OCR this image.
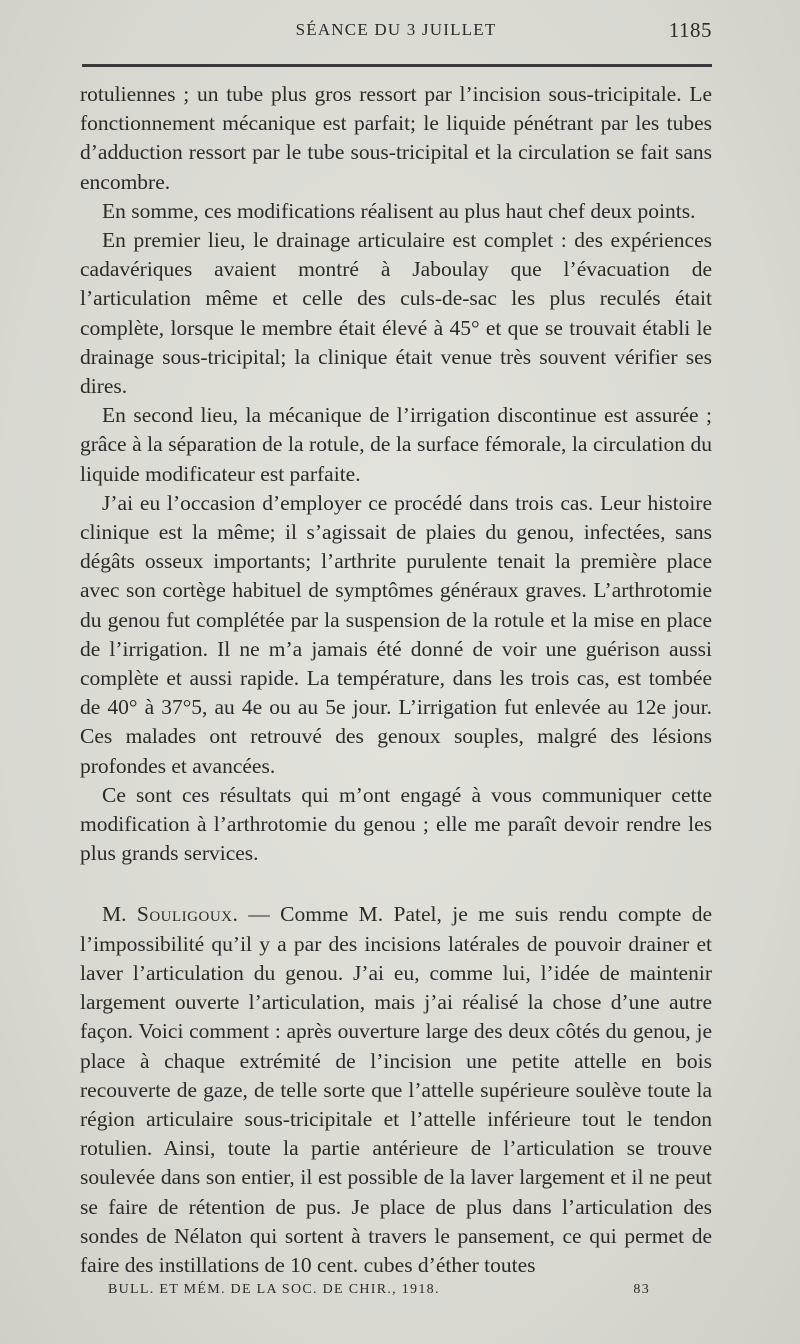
SÉANCE DU 3 JUILLET	1185

rotuliennes ; un tube plus gros ressort par l’incision sous-tricipitale. Le fonctionnement mécanique est parfait; le liquide pénétrant par les tubes d’adduction ressort par le tube sous-tricipital et la circulation se fait sans encombre.

En somme, ces modifications réalisent au plus haut chef deux points.

En premier lieu, le drainage articulaire est complet : des expériences cadavériques avaient montré à Jaboulay que l’évacuation de l’articulation même et celle des culs-de-sac les plus reculés était complète, lorsque le membre était élevé à 45° et que se trouvait établi le drainage sous-tricipital; la clinique était venue très souvent vérifier ses dires.

En second lieu, la mécanique de l’irrigation discontinue est assurée ; grâce à la séparation de la rotule, de la surface fémorale, la circulation du liquide modificateur est parfaite.

J’ai eu l’occasion d’employer ce procédé dans trois cas. Leur histoire clinique est la même; il s’agissait de plaies du genou, infectées, sans dégâts osseux importants; l’arthrite purulente tenait la première place avec son cortège habituel de symptômes généraux graves. L’arthrotomie du genou fut complétée par la suspension de la rotule et la mise en place de l’irrigation. Il ne m’a jamais été donné de voir une guérison aussi complète et aussi rapide. La température, dans les trois cas, est tombée de 40° à 37°5, au 4e ou au 5e jour. L’irrigation fut enlevée au 12e jour. Ces malades ont retrouvé des genoux souples, malgré des lésions profondes et avancées.

Ce sont ces résultats qui m’ont engagé à vous communiquer cette modification à l’arthrotomie du genou ; elle me paraît devoir rendre les plus grands services.

M. Souligoux. — Comme M. Patel, je me suis rendu compte de l’impossibilité qu’il y a par des incisions latérales de pouvoir drainer et laver l’articulation du genou. J’ai eu, comme lui, l’idée de maintenir largement ouverte l’articulation, mais j’ai réalisé la chose d’une autre façon. Voici comment : après ouverture large des deux côtés du genou, je place à chaque extrémité de l’incision une petite attelle en bois recouverte de gaze, de telle sorte que l’attelle supérieure soulève toute la région articulaire sous-tricipitale et l’attelle inférieure tout le tendon rotulien. Ainsi, toute la partie antérieure de l’articulation se trouve soulevée dans son entier, il est possible de la laver largement et il ne peut se faire de rétention de pus. Je place de plus dans l’articulation des sondes de Nélaton qui sortent à travers le pansement, ce qui permet de faire des instillations de 10 cent. cubes d’éther toutes

BULL. ET MÉM. DE LA SOC. DE CHIR., 1918.	83
